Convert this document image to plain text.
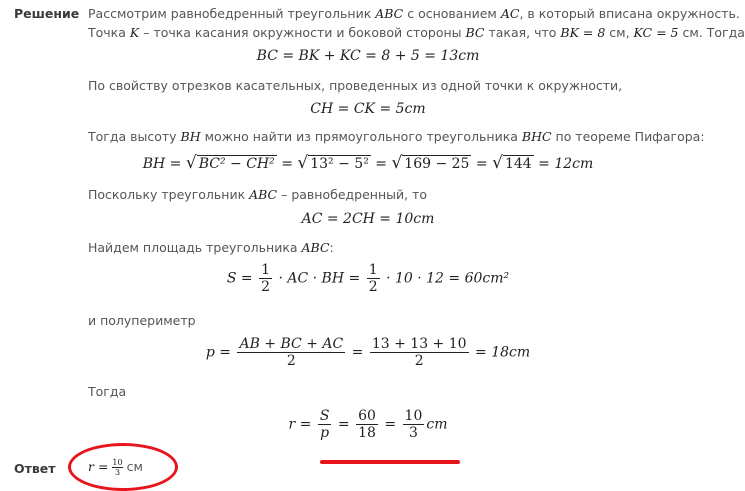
Решение
Ответ
Рассмотрим равнобедренный треугольник ABC с основанием AC, в который вписана окружность.
Точка K – точка касания окружности и боковой стороны BC такая, что BK = 8 см, KC = 5 см. Тогда
BC = BK + KC = 8 + 5 = 13cm
По свойству отрезков касательных, проведенных из одной точки к окружности,
CH = CK = 5cm
Тогда высоту BH можно найти из прямоугольного треугольника BHC по теореме Пифагора:
BH = √ BC² − CH² = √ 13² − 5² = √ 169 − 25 = √ 144 = 12cm
Поскольку треугольник ABC – равнобедренный, то
AC = 2CH = 10cm
Найдем площадь треугольника ABC:
$S = \frac{1}{2}$ · AC · BH = $\frac{1}{2} \cdot 10 \cdot 12 = 60cm^2$
и полупериметр
$p = \frac{AB + BC + AC}{2} = \frac{13 + 13 + 10}{2} = 18cm$
Тогда
$r = \frac{S}{p} = \frac{60}{18} = \frac{10}{3}$ cm
$r = \frac{10}{3}$ см
